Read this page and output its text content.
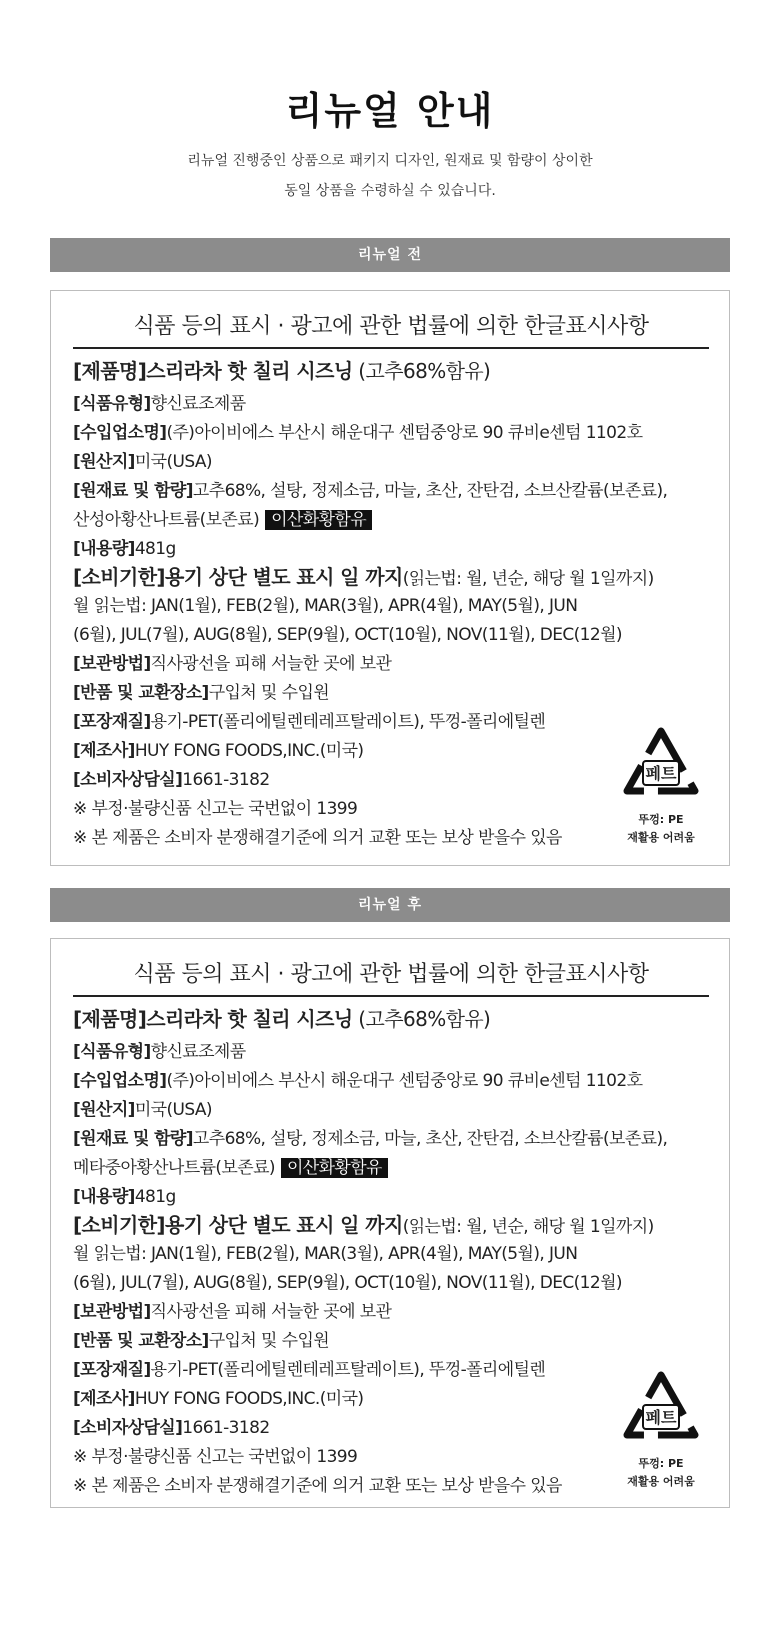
리뉴얼 안내
리뉴얼 진행중인 상품으로 패키지 디자인, 원재료 및 함량이 상이한
동일 상품을 수령하실 수 있습니다.
리뉴얼 전
식품 등의 표시 · 광고에 관한 법률에 의한 한글표시사항
[제품명]스리라차 핫 칠리 시즈닝 (고추68%함유)
[식품유형]향신료조제품
[수입업소명](주)아이비에스 부산시 해운대구 센텀중앙로 90 큐비e센텀 1102호
[원산지]미국(USA)
[원재료 및 함량]고추68%, 설탕, 정제소금, 마늘, 초산, 잔탄검, 소브산칼륨(보존료),
산성아황산나트륨(보존료) 이산화황함유
[내용량]481g
[소비기한]용기 상단 별도 표시 일 까지(읽는법: 월, 년순, 해당 월 1일까지)
월 읽는법: JAN(1월), FEB(2월), MAR(3월), APR(4월), MAY(5월), JUN
(6월), JUL(7월), AUG(8월), SEP(9월), OCT(10월), NOV(11월), DEC(12월)
[보관방법]직사광선을 피해 서늘한 곳에 보관
[반품 및 교환장소]구입처 및 수입원
[포장재질]용기-PET(폴리에틸렌테레프탈레이트), 뚜껑-폴리에틸렌
[제조사]HUY FONG FOODS,INC.(미국)
[소비자상담실]1661-3182
※ 부정·불량신품 신고는 국번없이 1399
※ 본 제품은 소비자 분쟁해결기준에 의거 교환 또는 보상 받을수 있음
페트
뚜껑: PE
재활용 어려움
리뉴얼 후
식품 등의 표시 · 광고에 관한 법률에 의한 한글표시사항
[제품명]스리라차 핫 칠리 시즈닝 (고추68%함유)
[식품유형]향신료조제품
[수입업소명](주)아이비에스 부산시 해운대구 센텀중앙로 90 큐비e센텀 1102호
[원산지]미국(USA)
[원재료 및 함량]고추68%, 설탕, 정제소금, 마늘, 초산, 잔탄검, 소브산칼륨(보존료),
메타중아황산나트륨(보존료) 이산화황함유
[내용량]481g
[소비기한]용기 상단 별도 표시 일 까지(읽는법: 월, 년순, 해당 월 1일까지)
월 읽는법: JAN(1월), FEB(2월), MAR(3월), APR(4월), MAY(5월), JUN
(6월), JUL(7월), AUG(8월), SEP(9월), OCT(10월), NOV(11월), DEC(12월)
[보관방법]직사광선을 피해 서늘한 곳에 보관
[반품 및 교환장소]구입처 및 수입원
[포장재질]용기-PET(폴리에틸렌테레프탈레이트), 뚜껑-폴리에틸렌
[제조사]HUY FONG FOODS,INC.(미국)
[소비자상담실]1661-3182
※ 부정·불량신품 신고는 국번없이 1399
※ 본 제품은 소비자 분쟁해결기준에 의거 교환 또는 보상 받을수 있음
페트
뚜껑: PE
재활용 어려움
